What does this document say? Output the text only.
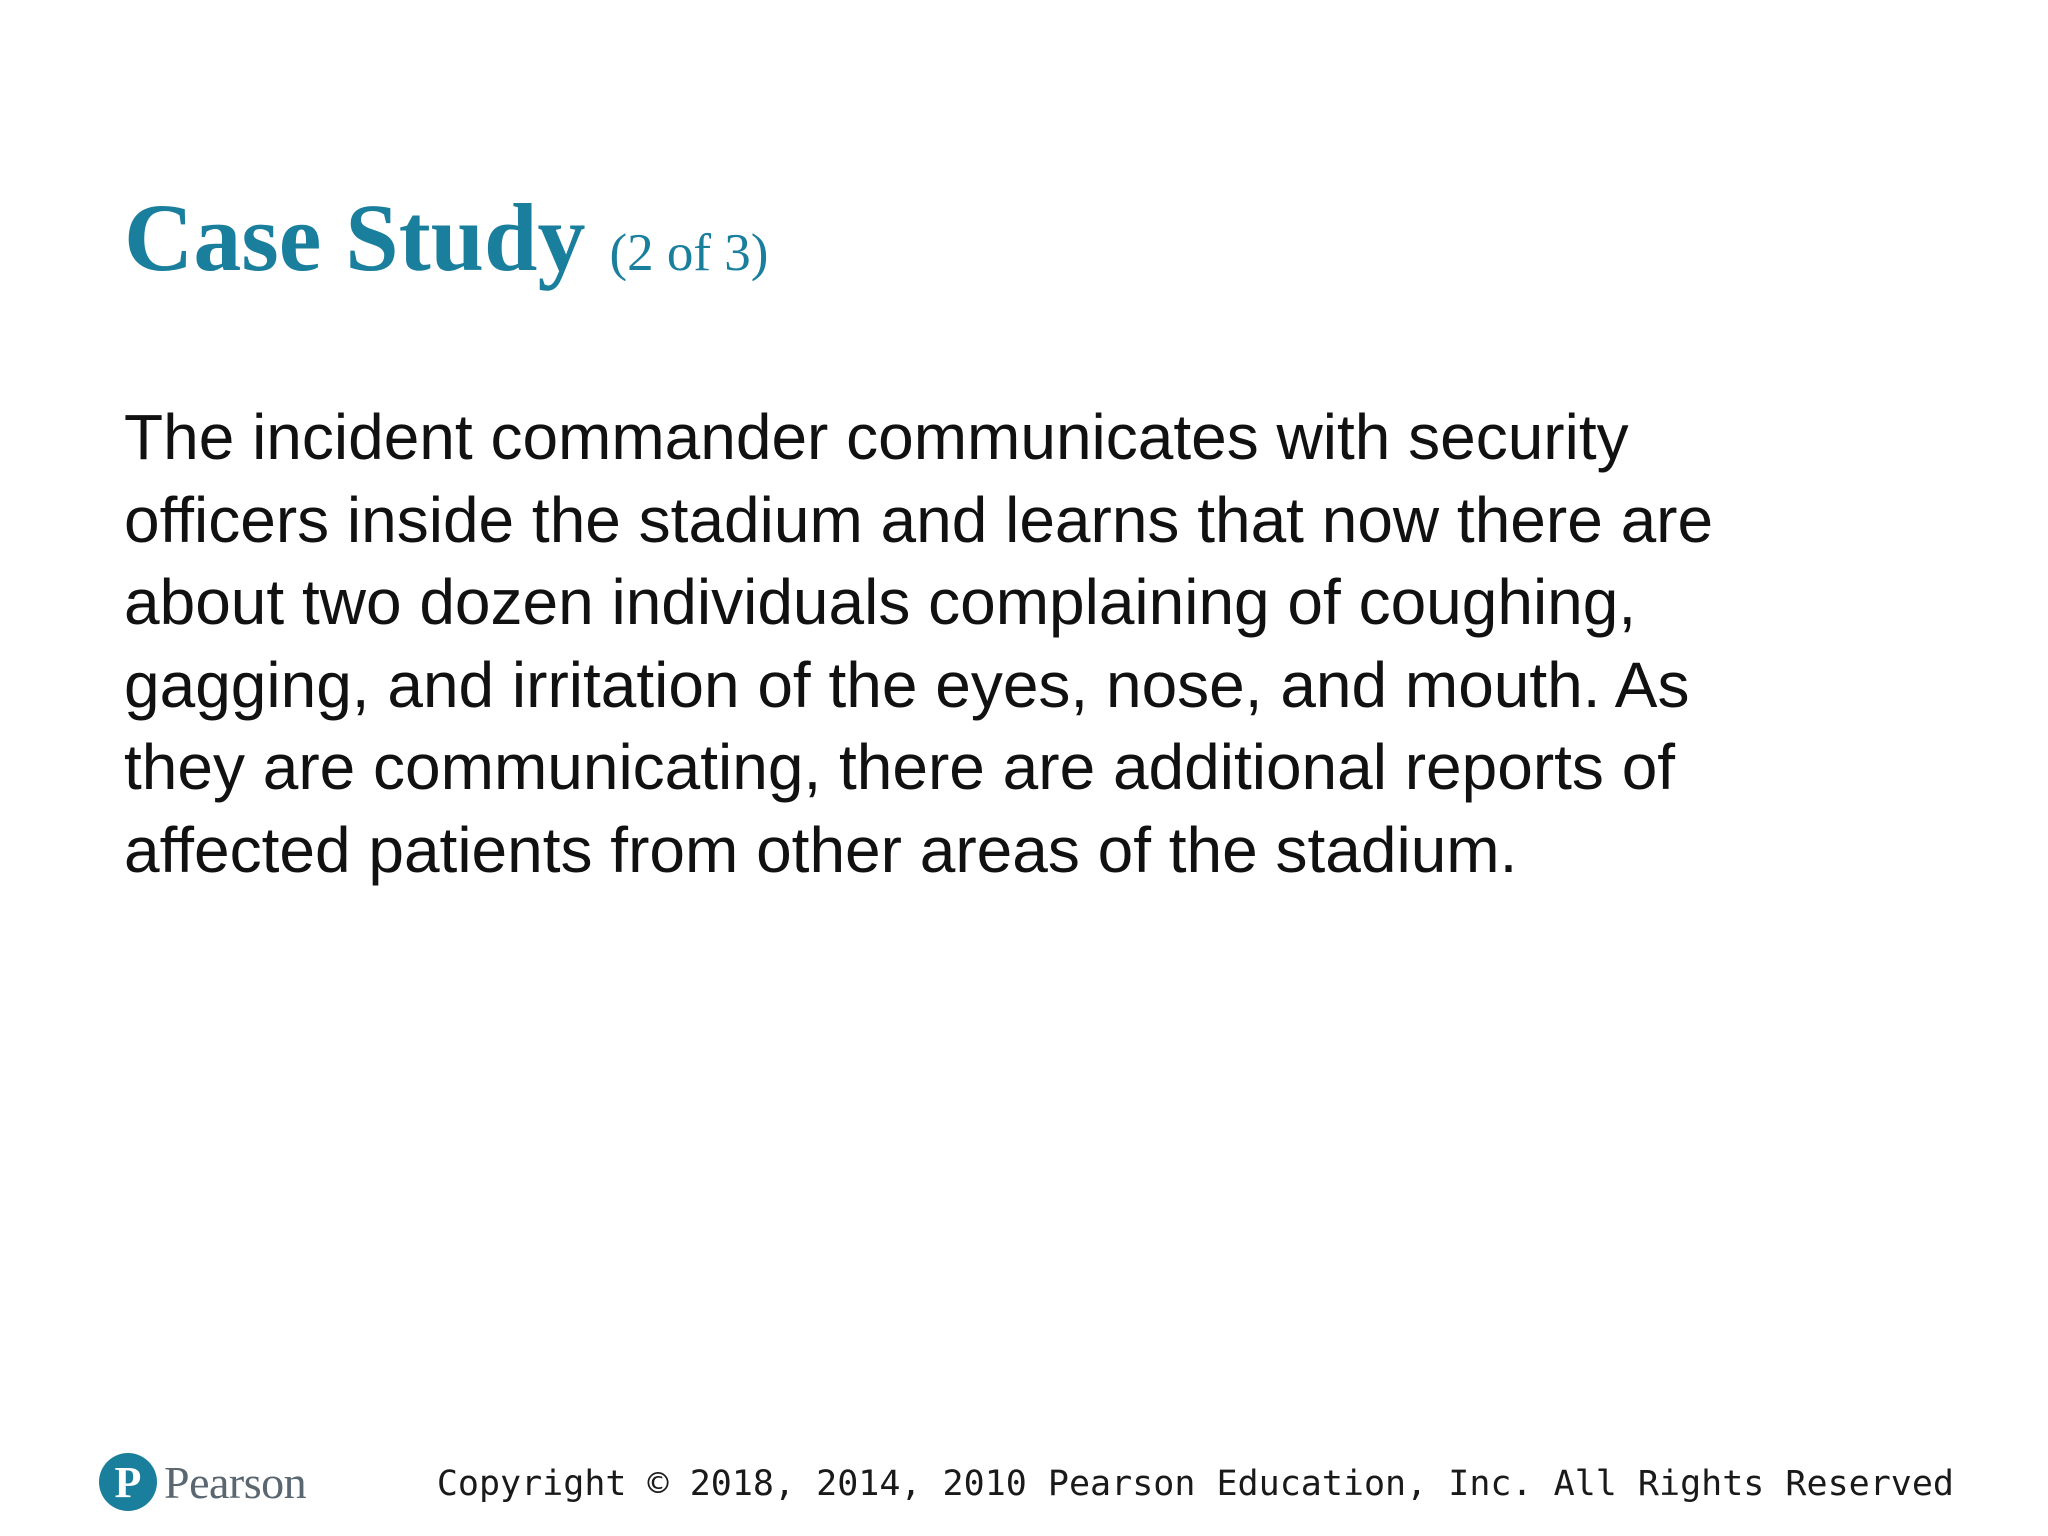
Case Study (2 of 3)

The incident commander communicates with security
officers inside the stadium and learns that now there are
about two dozen individuals complaining of coughing,
gagging, and irritation of the eyes, nose, and mouth. As
they are communicating, there are additional reports of
affected patients from other areas of the stadium.

P Pearson	Copyright © 2018, 2014, 2010 Pearson Education, Inc. All Rights Reserved
